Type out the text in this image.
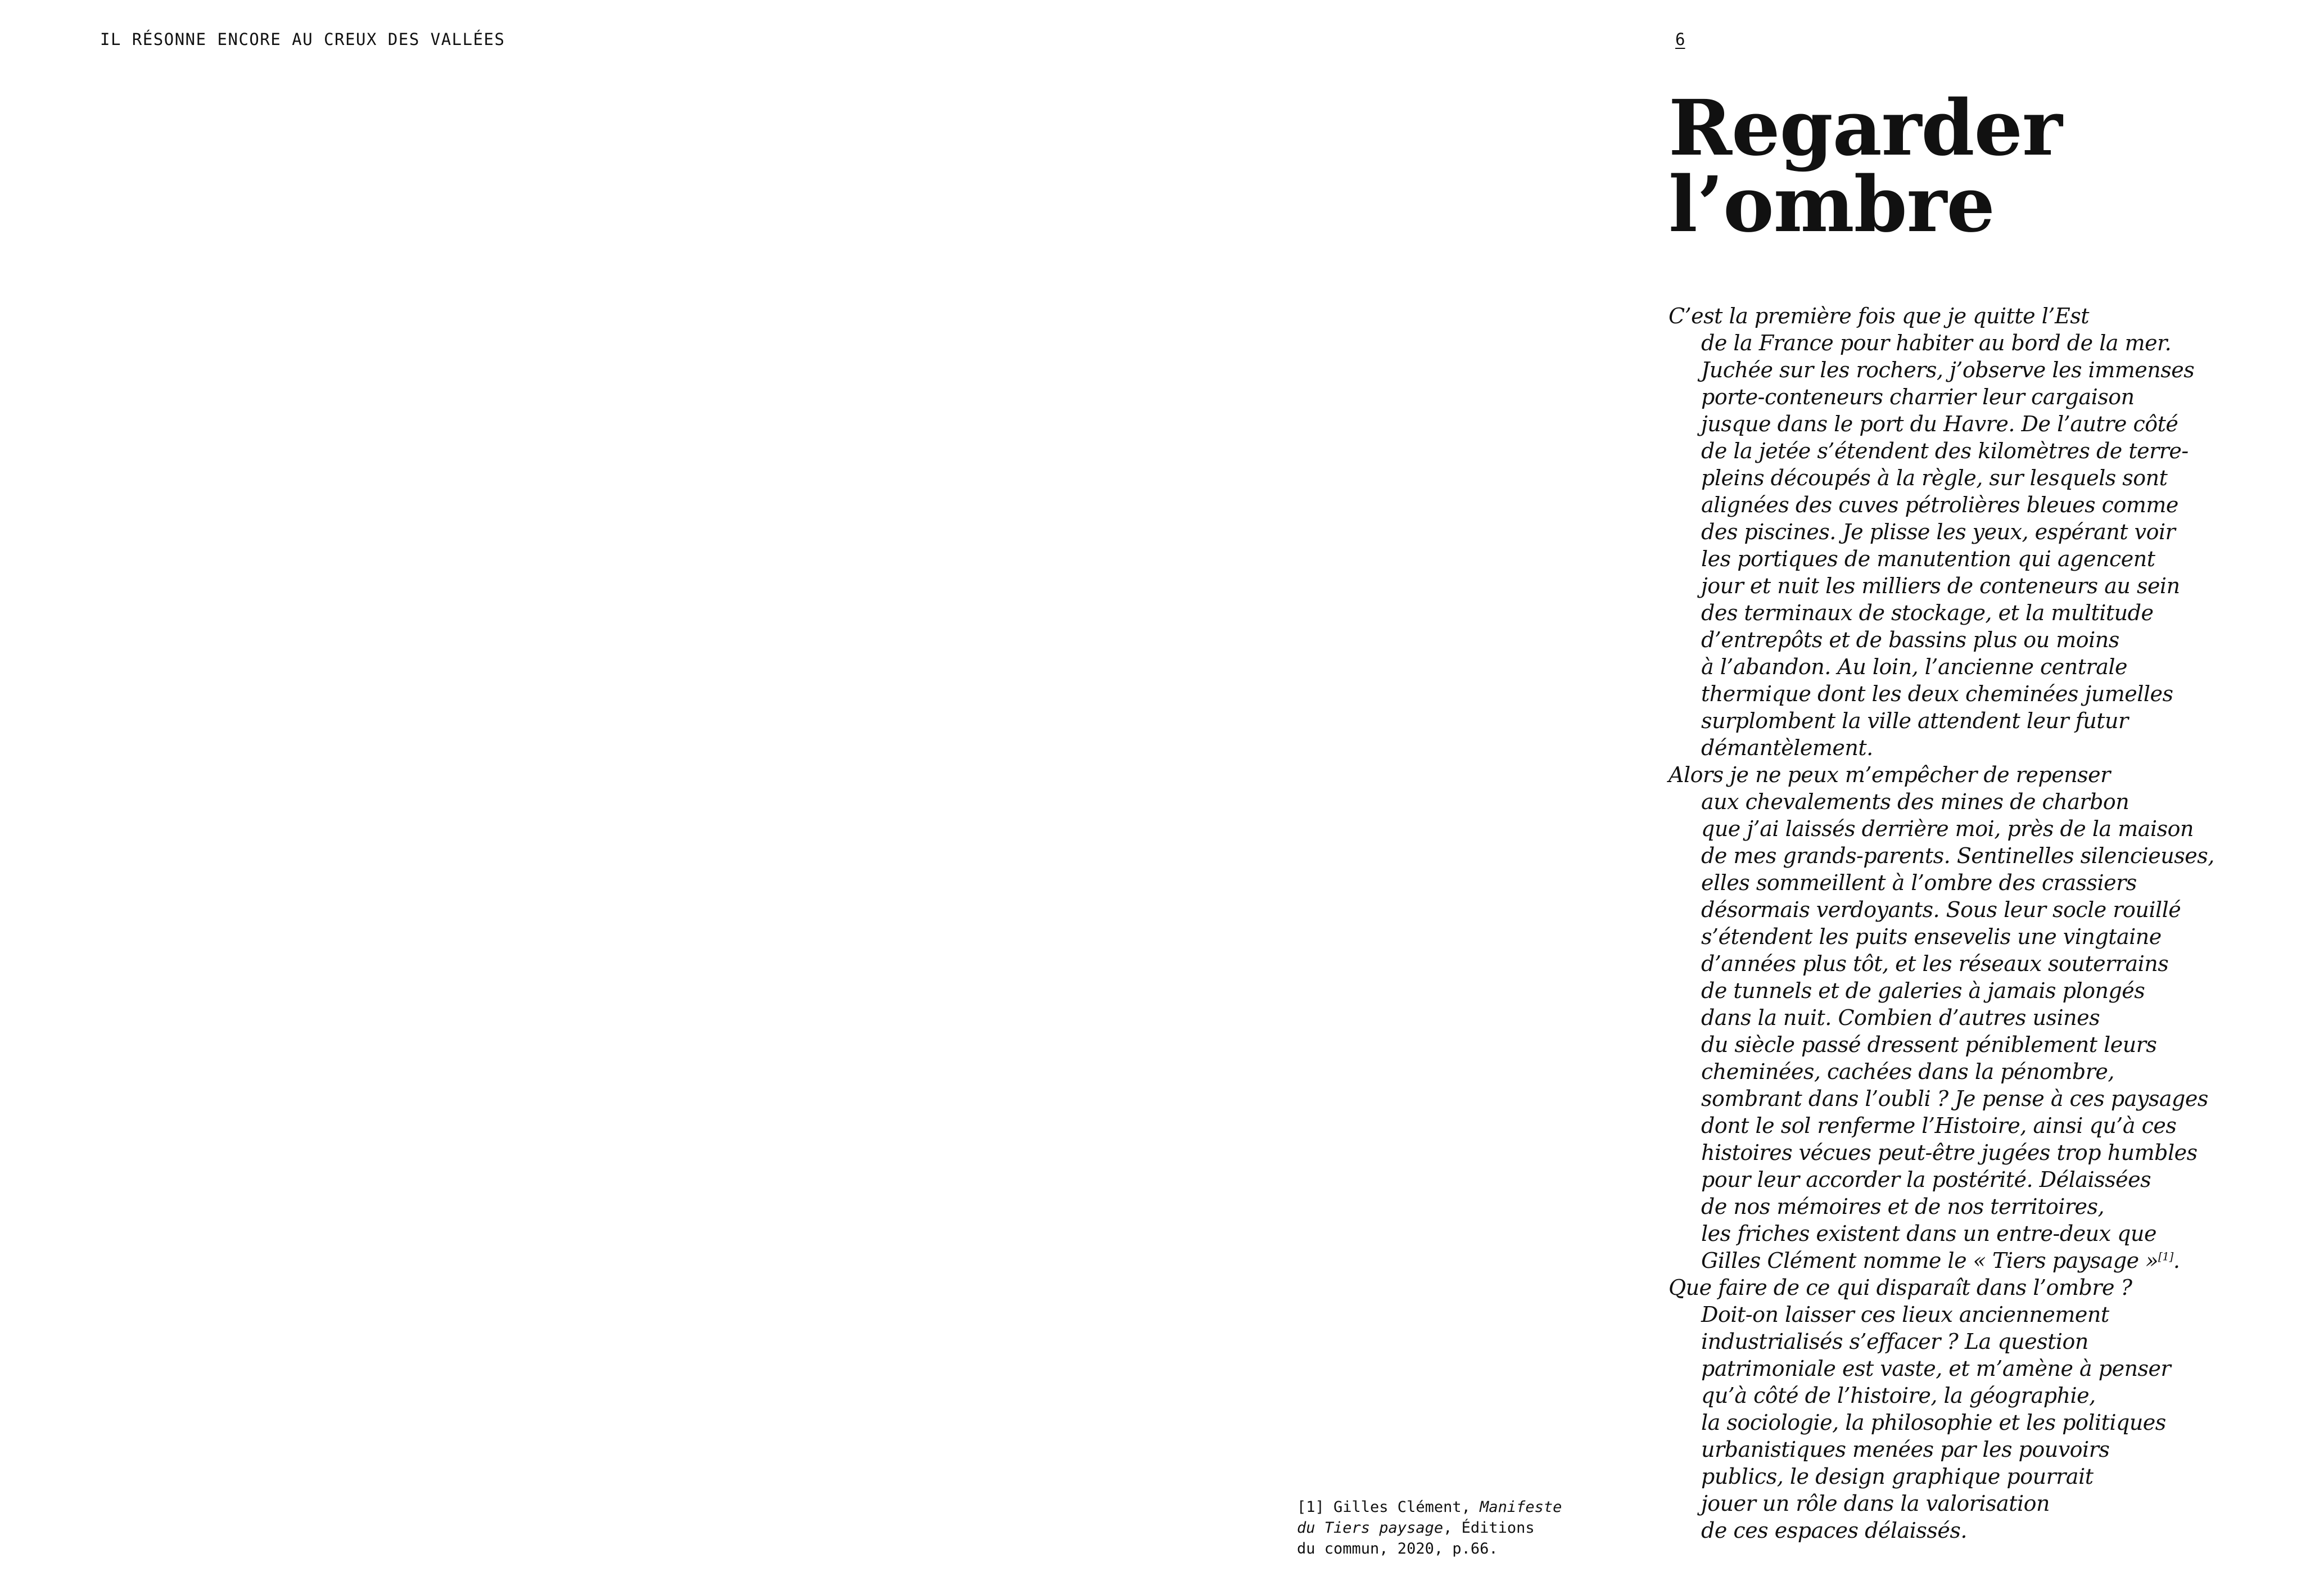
IL RÉSONNE ENCORE AU CREUX DES VALLÉES	6
Regarder
l’ombre

C’est la première fois que je quitte l’Est
de la France pour habiter au bord de la mer.
Juchée sur les rochers, j’observe les immenses
porte-conteneurs charrier leur cargaison
jusque dans le port du Havre. De l’autre côté
de la jetée s’étendent des kilomètres de terre-
pleins découpés à la règle, sur lesquels sont
alignées des cuves pétrolières bleues comme
des piscines. Je plisse les yeux, espérant voir
les portiques de manutention qui agencent
jour et nuit les milliers de conteneurs au sein
des terminaux de stockage, et la multitude
d’entrepôts et de bassins plus ou moins
à l’abandon. Au loin, l’ancienne centrale
thermique dont les deux cheminées jumelles
surplombent la ville attendent leur futur
démantèlement.

Alors je ne peux m’empêcher de repenser
aux chevalements des mines de charbon
que j’ai laissés derrière moi, près de la maison
de mes grands-parents. Sentinelles silencieuses,
elles sommeillent à l’ombre des crassiers
désormais verdoyants. Sous leur socle rouillé
s’étendent les puits ensevelis une vingtaine
d’années plus tôt, et les réseaux souterrains
de tunnels et de galeries à jamais plongés
dans la nuit. Combien d’autres usines
du siècle passé dressent péniblement leurs
cheminées, cachées dans la pénombre,
sombrant dans l’oubli ? Je pense à ces paysages
dont le sol renferme l’Histoire, ainsi qu’à ces
histoires vécues peut-être jugées trop humbles
pour leur accorder la postérité. Délaissées
de nos mémoires et de nos territoires,
les friches existent dans un entre-deux que
Gilles Clément nomme le « Tiers paysage »[1].

Que faire de ce qui disparaît dans l’ombre ?
Doit-on laisser ces lieux anciennement
industrialisés s’effacer ? La question
patrimoniale est vaste, et m’amène à penser
qu’à côté de l’histoire, la géographie,
la sociologie, la philosophie et les politiques
urbanistiques menées par les pouvoirs
publics, le design graphique pourrait
jouer un rôle dans la valorisation
de ces espaces délaissés.

[1] Gilles Clément, Manifeste
du Tiers paysage, Éditions
du commun, 2020, p.66.
